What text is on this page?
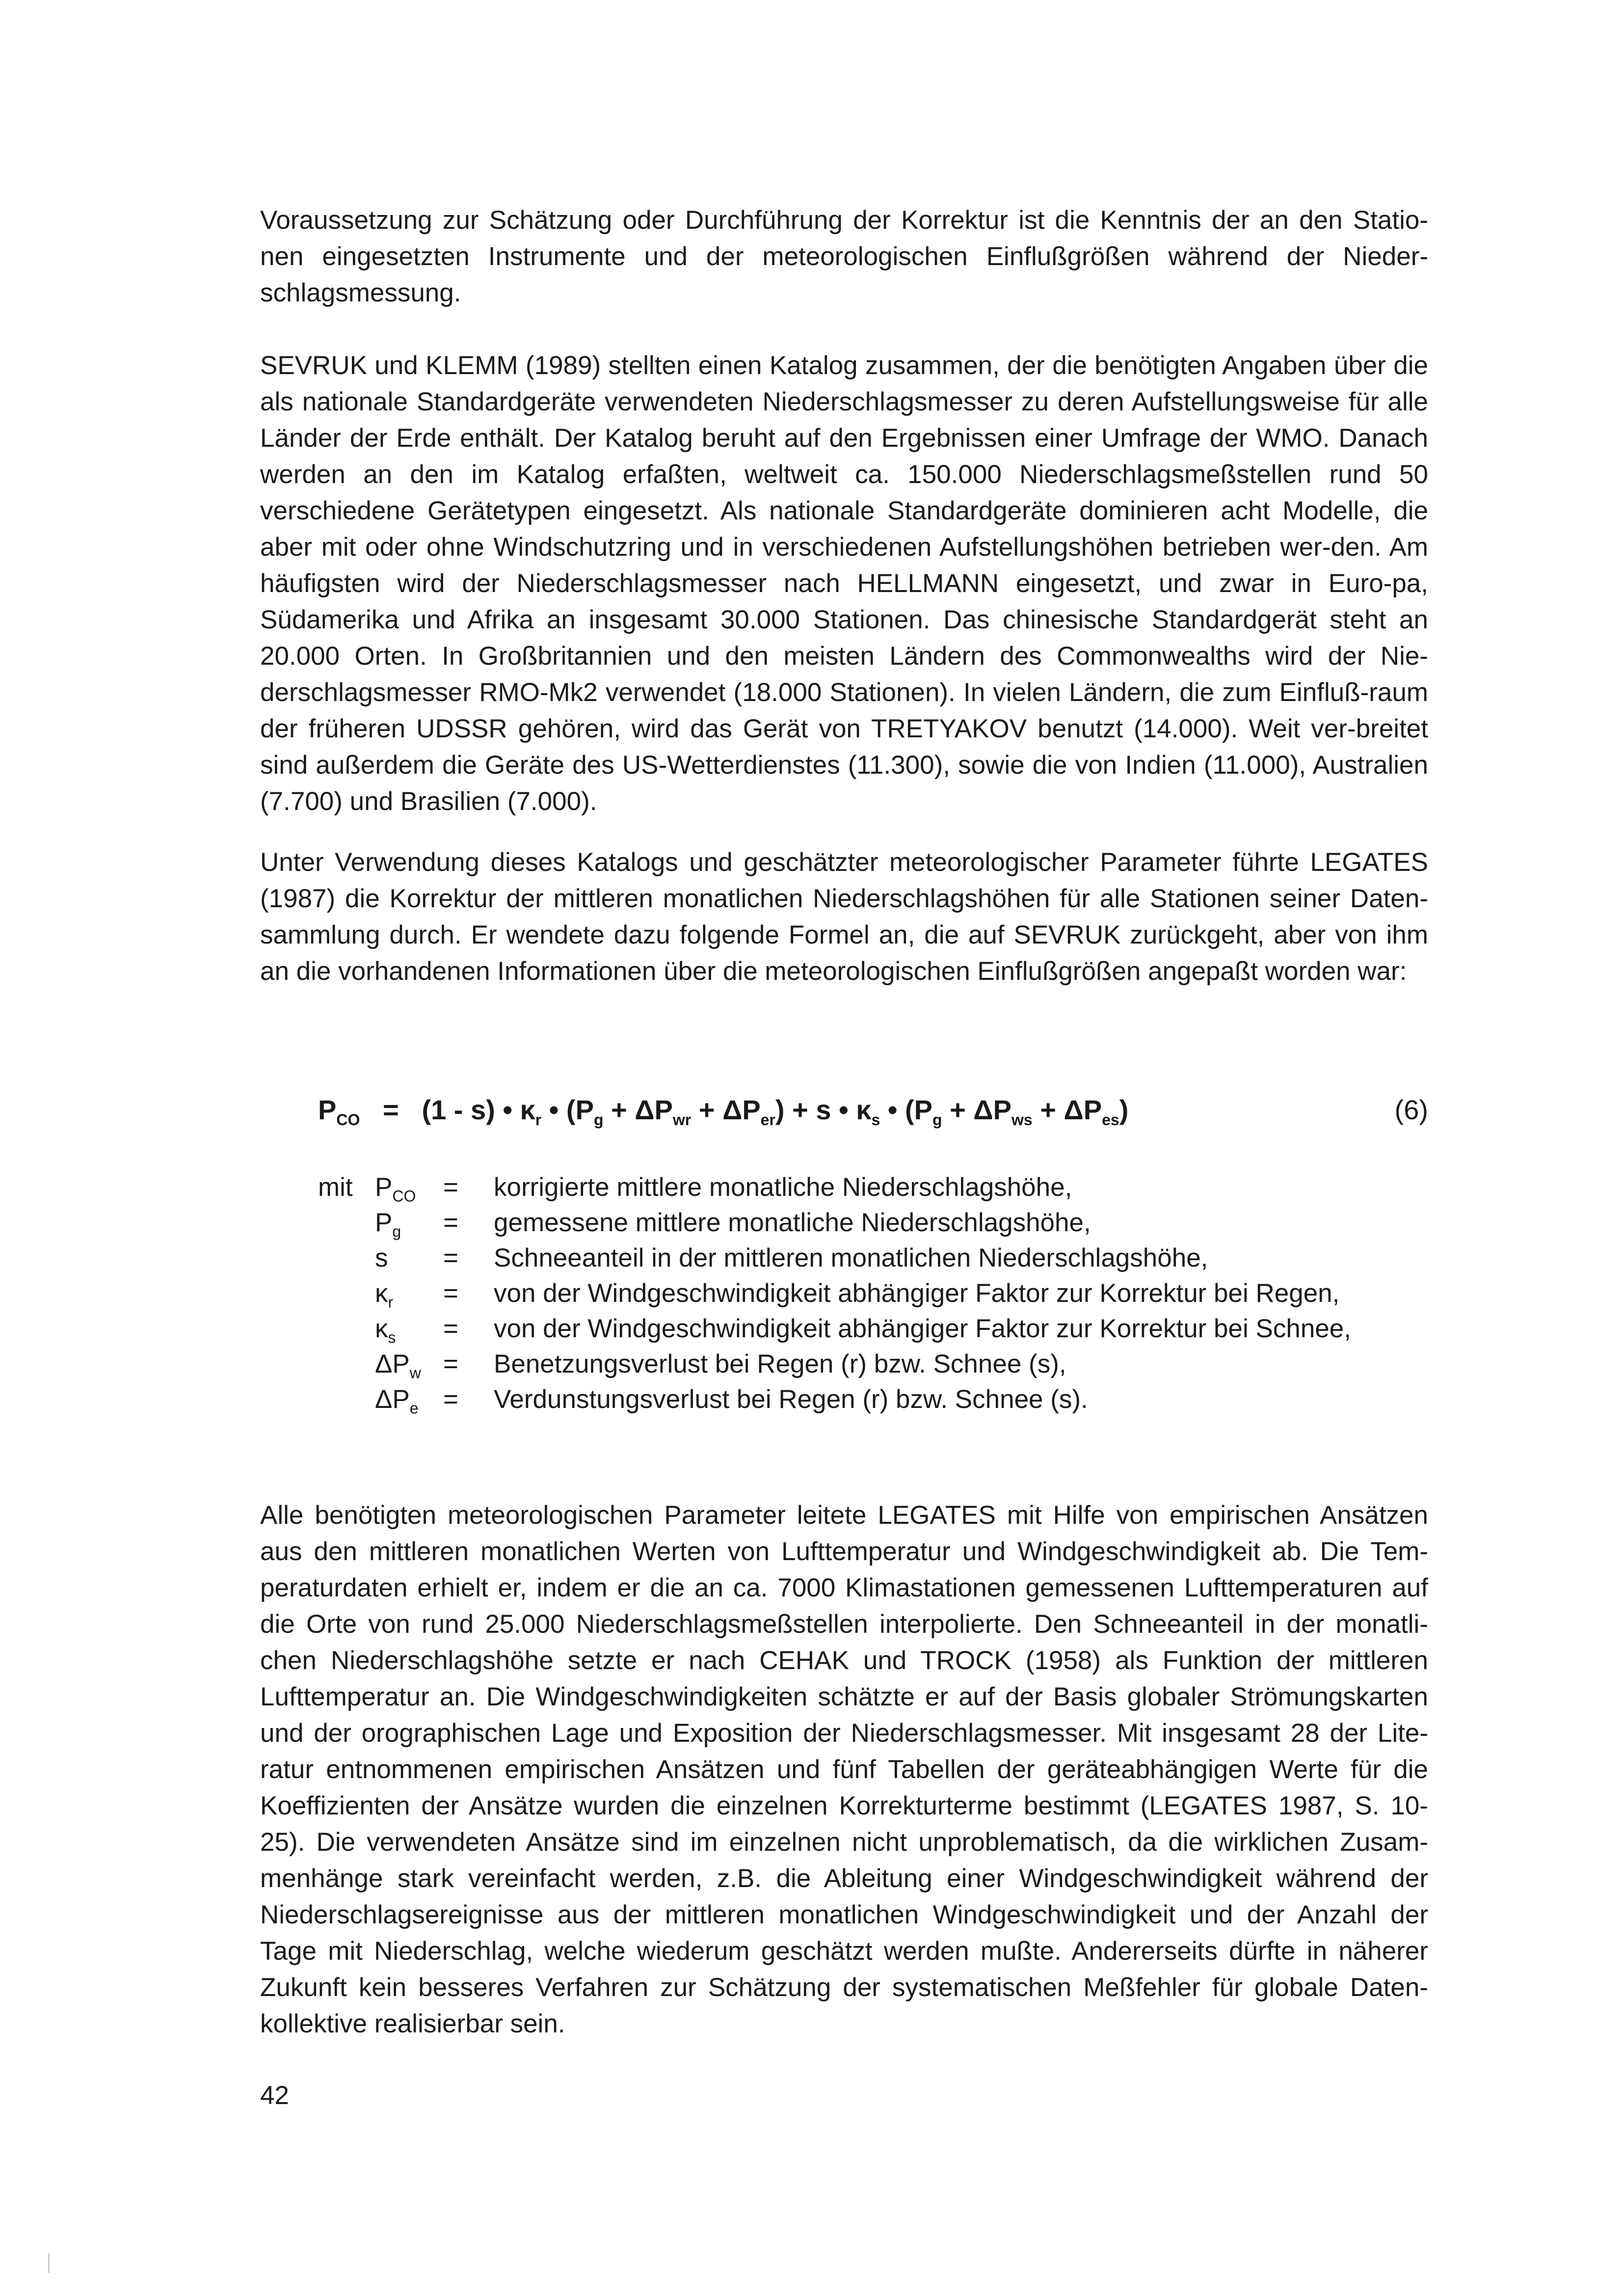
Voraussetzung zur Schätzung oder Durchführung der Korrektur ist die Kenntnis der an den Statio-nen eingesetzten Instrumente und der meteorologischen Einflußgrößen während der Nieder-schlagsmessung.
SEVRUK und KLEMM (1989) stellten einen Katalog zusammen, der die benötigten Angaben über die als nationale Standardgeräte verwendeten Niederschlagsmesser zu deren Aufstellungsweise für alle Länder der Erde enthält. Der Katalog beruht auf den Ergebnissen einer Umfrage der WMO. Danach werden an den im Katalog erfaßten, weltweit ca. 150.000 Niederschlagsmeßstellen rund 50 verschiedene Gerätetypen eingesetzt. Als nationale Standardgeräte dominieren acht Modelle, die aber mit oder ohne Windschutzring und in verschiedenen Aufstellungshöhen betrieben wer-den. Am häufigsten wird der Niederschlagsmesser nach HELLMANN eingesetzt, und zwar in Euro-pa, Südamerika und Afrika an insgesamt 30.000 Stationen. Das chinesische Standardgerät steht an 20.000 Orten. In Großbritannien und den meisten Ländern des Commonwealths wird der Nie-derschlagsmesser RMO-Mk2 verwendet (18.000 Stationen). In vielen Ländern, die zum Einfluß-raum der früheren UDSSR gehören, wird das Gerät von TRETYAKOV benutzt (14.000). Weit ver-breitet sind außerdem die Geräte des US-Wetterdienstes (11.300), sowie die von Indien (11.000), Australien (7.700) und Brasilien (7.000).
Unter Verwendung dieses Katalogs und geschätzter meteorologischer Parameter führte LEGATES (1987) die Korrektur der mittleren monatlichen Niederschlagshöhen für alle Stationen seiner Daten-sammlung durch. Er wendete dazu folgende Formel an, die auf SEVRUK zurückgeht, aber von ihm an die vorhandenen Informationen über die meteorologischen Einflußgrößen angepaßt worden war:
$P_{CO} = (1 - s)$ • $\kappa_r$ • $(P_g + \Delta P_{wr} + \Delta P_{er}) + s$ • $\kappa_s$ • $(P_g + \Delta P_{ws} + \Delta P_{es})$	(6)
mit $P_{CO}$ = korrigierte mittlere monatliche Niederschlagshöhe,
$P_g$ = gemessene mittlere monatliche Niederschlagshöhe,
s = Schneeanteil in der mittleren monatlichen Niederschlagshöhe,
$\kappa_r$ = von der Windgeschwindigkeit abhängiger Faktor zur Korrektur bei Regen,
$\kappa_s$ = von der Windgeschwindigkeit abhängiger Faktor zur Korrektur bei Schnee,
$\Delta P_w$ = Benetzungsverlust bei Regen (r) bzw. Schnee (s),
$\Delta P_e$ = Verdunstungsverlust bei Regen (r) bzw. Schnee (s).
Alle benötigten meteorologischen Parameter leitete LEGATES mit Hilfe von empirischen Ansätzen aus den mittleren monatlichen Werten von Lufttemperatur und Windgeschwindigkeit ab. Die Tem-peraturdaten erhielt er, indem er die an ca. 7000 Klimastationen gemessenen Lufttemperaturen auf die Orte von rund 25.000 Niederschlagsmeßstellen interpolierte. Den Schneeanteil in der monatli-chen Niederschlagshöhe setzte er nach CEHAK und TROCK (1958) als Funktion der mittleren Lufttemperatur an. Die Windgeschwindigkeiten schätzte er auf der Basis globaler Strömungskarten und der orographischen Lage und Exposition der Niederschlagsmesser. Mit insgesamt 28 der Lite-ratur entnommenen empirischen Ansätzen und fünf Tabellen der geräteabhängigen Werte für die Koeffizienten der Ansätze wurden die einzelnen Korrekturterme bestimmt (LEGATES 1987, S. 10-25). Die verwendeten Ansätze sind im einzelnen nicht unproblematisch, da die wirklichen Zusam-menhänge stark vereinfacht werden, z.B. die Ableitung einer Windgeschwindigkeit während der Niederschlagsereignisse aus der mittleren monatlichen Windgeschwindigkeit und der Anzahl der Tage mit Niederschlag, welche wiederum geschätzt werden mußte. Andererseits dürfte in näherer Zukunft kein besseres Verfahren zur Schätzung der systematischen Meßfehler für globale Daten-kollektive realisierbar sein.
42
